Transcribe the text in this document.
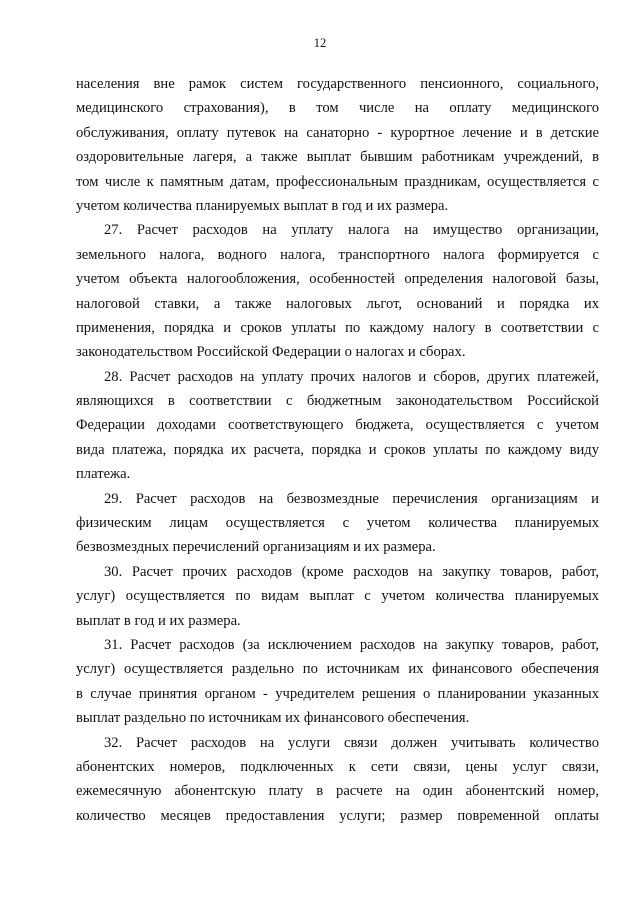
12
населения вне рамок систем государственного пенсионного, социального,
медицинского страхования), в том числе на оплату медицинского
обслуживания, оплату путевок на санаторно - курортное лечение и в детские
оздоровительные лагеря, а также выплат бывшим работникам учреждений, в
том числе к памятным датам, профессиональным праздникам, осуществляется с
учетом количества планируемых выплат в год и их размера.
27. Расчет расходов на уплату налога на имущество организации,
земельного налога, водного налога, транспортного налога формируется с
учетом объекта налогообложения, особенностей определения налоговой базы,
налоговой ставки, а также налоговых льгот, оснований и порядка их
применения, порядка и сроков уплаты по каждому налогу в соответствии с
законодательством Российской Федерации о налогах и сборах.
28. Расчет расходов на уплату прочих налогов и сборов, других платежей,
являющихся в соответствии с бюджетным законодательством Российской
Федерации доходами соответствующего бюджета, осуществляется с учетом
вида платежа, порядка их расчета, порядка и сроков уплаты по каждому виду
платежа.
29. Расчет расходов на безвозмездные перечисления организациям и
физическим лицам осуществляется с учетом количества планируемых
безвозмездных перечислений организациям и их размера.
30. Расчет прочих расходов (кроме расходов на закупку товаров, работ,
услуг) осуществляется по видам выплат с учетом количества планируемых
выплат в год и их размера.
31. Расчет расходов (за исключением расходов на закупку товаров, работ,
услуг) осуществляется раздельно по источникам их финансового обеспечения
в случае принятия органом - учредителем решения о планировании указанных
выплат раздельно по источникам их финансового обеспечения.
32. Расчет расходов на услуги связи должен учитывать количество
абонентских номеров, подключенных к сети связи, цены услуг связи,
ежемесячную абонентскую плату в расчете на один абонентский номер,
количество месяцев предоставления услуги; размер повременной оплаты
